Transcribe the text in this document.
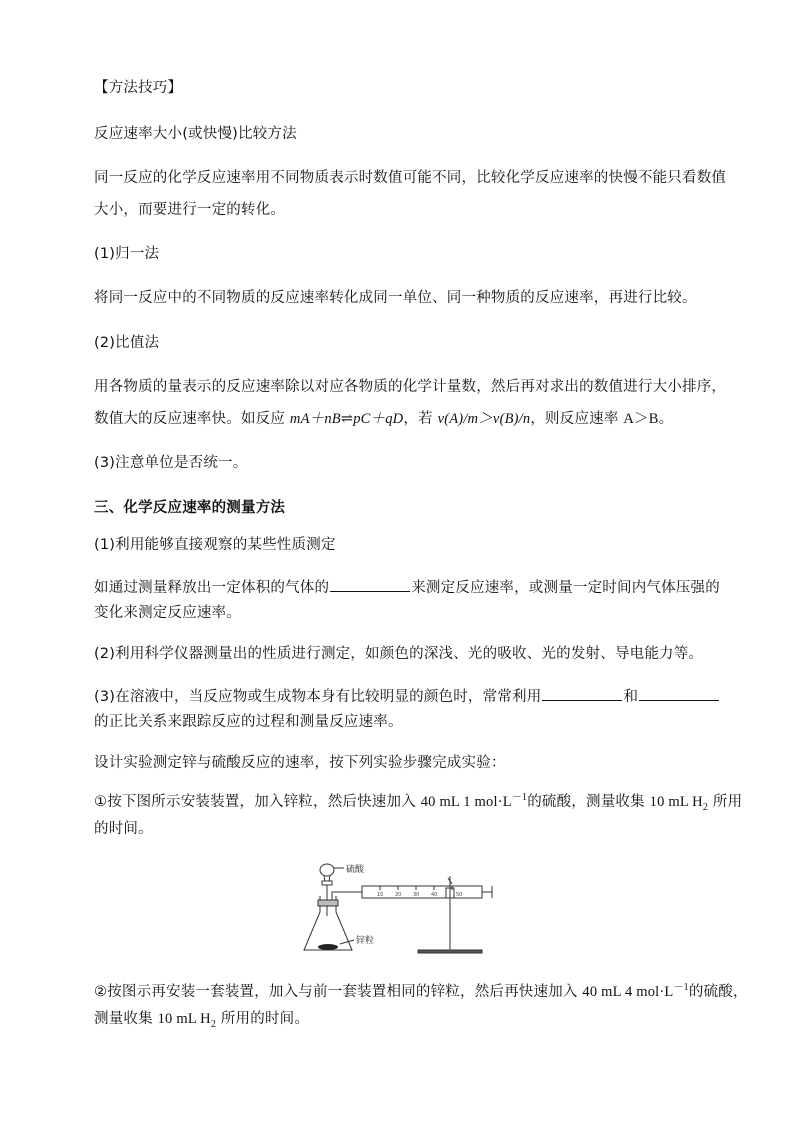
【方法技巧】
反应速率大小(或快慢)比较方法
同一反应的化学反应速率用不同物质表示时数值可能不同，比较化学反应速率的快慢不能只看数值
大小，而要进行一定的转化。
(1)归一法
将同一反应中的不同物质的反应速率转化成同一单位、同一种物质的反应速率，再进行比较。
(2)比值法
用各物质的量表示的反应速率除以对应各物质的化学计量数，然后再对求出的数值进行大小排序，
数值大的反应速率快。如反应 mA＋nB⇌pC＋qD，若 v(A)/m＞v(B)/n，则反应速率 A＞B。
(3)注意单位是否统一。
三、化学反应速率的测量方法
(1)利用能够直接观察的某些性质测定
如通过测量释放出一定体积的气体的	来测定反应速率，或测量一定时间内气体压强的
变化来测定反应速率。
(2)利用科学仪器测量出的性质进行测定，如颜色的深浅、光的吸收、光的发射、导电能力等。
(3)在溶液中，当反应物或生成物本身有比较明显的颜色时，常常利用	和
的正比关系来跟踪反应的过程和测量反应速率。
设计实验测定锌与硫酸反应的速率，按下列实验步骤完成实验：
①按下图所示安装装置，加入锌粒，然后快速加入 40 mL 1 $mol\cdot L^{-1}$的硫酸，测量收集 10 mL $H_2$ 所用
的时间。
硫酸
锌粒
10 20 30 40	50
②按图示再安装一套装置，加入与前一套装置相同的锌粒，然后再快速加入 40 mL 4 $mol\cdot L^{-1}$的硫酸，
测量收集 10 mL $H_2$ 所用的时间。
